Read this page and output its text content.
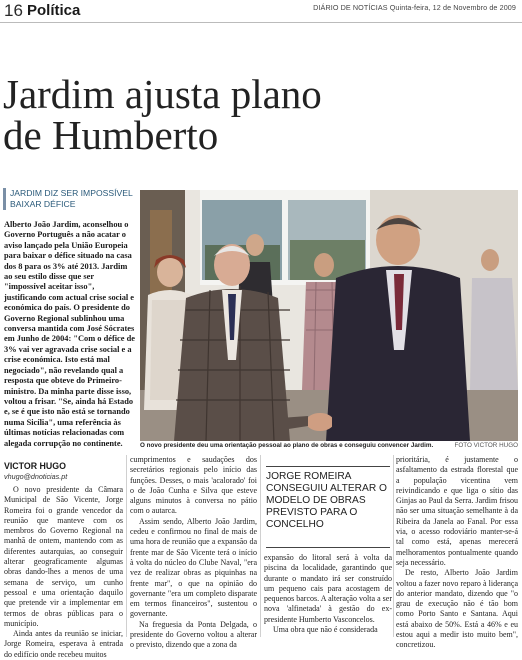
16 Política	DIÁRIO DE NOTÍCIAS Quinta-feira, 12 de Novembro de 2009
Jardim ajusta plano
de Humberto
JARDIM DIZ SER IMPOSSÍVEL BAIXAR DÉFICE

Alberto João Jardim, aconselhou o Governo Português a não acatar o aviso lançado pela União Europeia para baixar o défice situado na casa dos 8 para os 3% até 2013. Jardim ao seu estilo disse que ser "impossível aceitar isso", justificando com actual crise social e económica do país. O presidente do Governo Regional sublinhou uma conversa mantida com José Sócrates em Junho de 2004: "Com o défice de 3% vai ver agravada crise social e a crise económica. Isto está mal negociado", não revelando qual a resposta que obteve do Primeiro-ministro. Da minha parte disse isso, voltou a frisar. "Se, ainda há Estado e, se é que isto não está se tornando numa Sicília", uma referência às últimas notícias relacionadas com alegada corrupção no continente.	O novo presidente deu uma orientação pessoal ao plano de obras e conseguiu convencer Jardim.	FOTO VICTOR HUGO
VICTOR HUGO
vhugo@dnoticias.pt

O novo presidente da Câmara Municipal de São Vicente, Jorge Romeira foi o grande vencedor da reunião que manteve com os membros do Governo Regional na manhã de ontem, mantendo com as diferentes autarquias, ao conseguir alterar geograficamente algumas obras dando-lhes a menos de uma semana de serviço, um cunho pessoal e uma orientação daquilo que pretende vir a implementar em termos de obras públicas para o município.

Ainda antes da reunião se iniciar, Jorge Romeira, esperava à entrada do edifício onde recebeu muitos

cumprimentos e saudações dos secretários regionais pelo início das funções. Desses, o mais 'acalorado' foi o de João Cunha e Silva que esteve alguns minutos à conversa no pátio com o autarca.

Assim sendo, Alberto João Jardim, cedeu e confirmou no final de mais de uma hora de reunião que a expansão da frente mar de São Vicente terá o início à volta do núcleo do Clube Naval, "era vez de realizar obras as piquinhas na frente mar", o que na opinião do governante "era um completo disparate em termos financeiros", sustentou o governante.

Na freguesia da Ponta Delgada, o presidente do Governo voltou a alterar o previsto, dizendo que a zona da

JORGE ROMEIRA CONSEGUIU ALTERAR O MODELO DE OBRAS PREVISTO PARA O CONCELHO

expansão do litoral será à volta da piscina da localidade, garantindo que durante o mandato irá ser construído um pequeno cais para acostagem de pequenos barcos. A alteração volta a ser nova 'alfinetada' à gestão do ex-presidente Humberto Vasconcelos.

Uma obra que não é considerada

prioritária, é justamente o asfaltamento da estrada florestal que a população vicentina vem reivindicando e que liga o sítio das Ginjas ao Paul da Serra. Jardim frisou não ser uma situação semelhante à da Ribeira da Janela ao Fanal. Por essa via, o acesso rodoviário manter-se-á tal como está, apenas merecerá melhoramentos pontualmente quando seja necessário.

De resto, Alberto João Jardim voltou a fazer novo reparo à liderança do anterior mandato, dizendo que "o grau de execução não é tão bom como Porto Santo e Santana. Aqui está abaixo de 50%. Está a 46% e eu estou aqui a medir isto muito bem", concretizou.
